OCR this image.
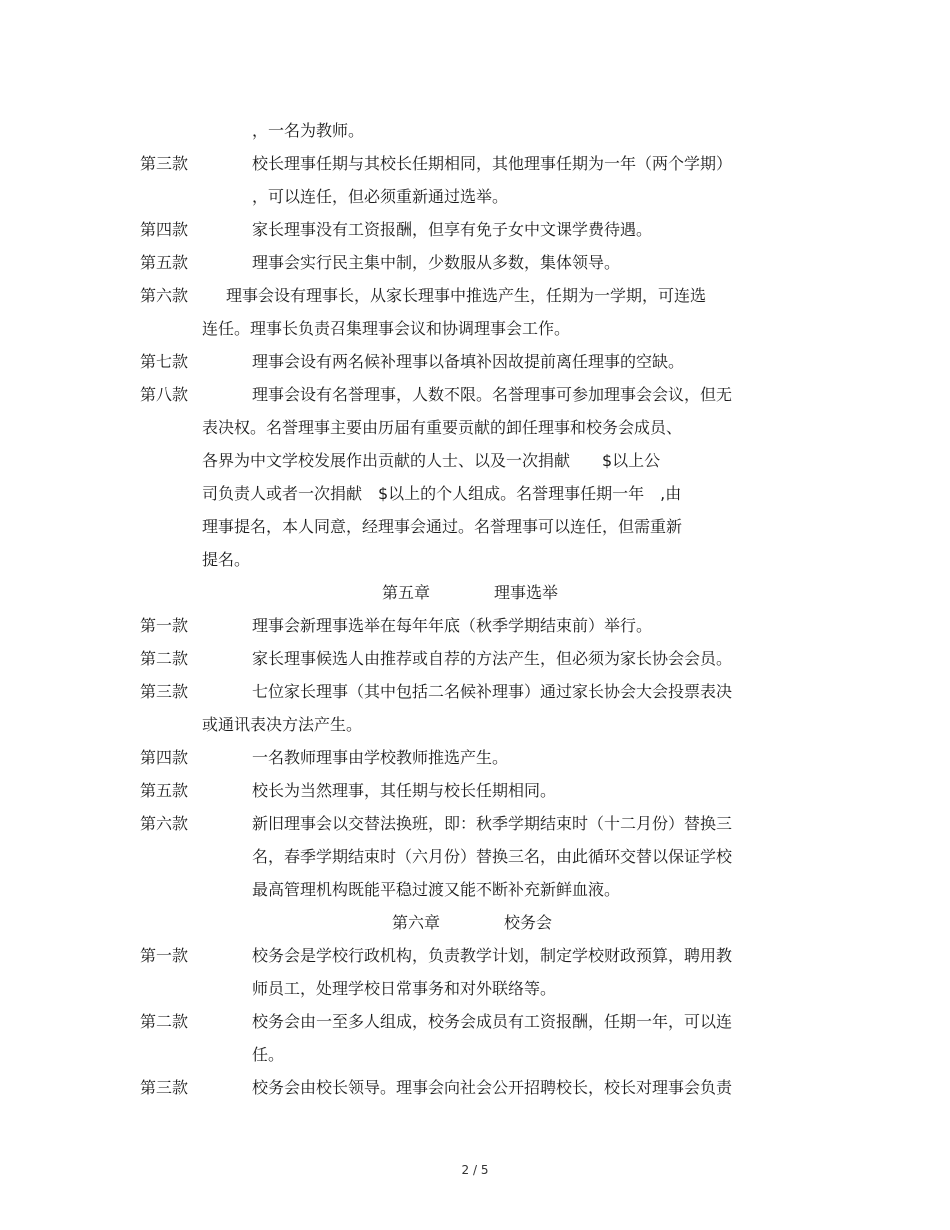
，一名为教师。
第三款	校长理事任期与其校长任期相同，其他理事任期为一年（两个学期）
，可以连任，但必须重新通过选举。
第四款	家长理事没有工资报酬，但享有免子女中文课学费待遇。
第五款	理事会实行民主集中制，少数服从多数，集体领导。
第六款 理事会设有理事长，从家长理事中推选产生，任期为一学期，可连选
连任。理事长负责召集理事会议和协调理事会工作。
第七款	理事会设有两名候补理事以备填补因故提前离任理事的空缺。
第八款	理事会设有名誉理事，人数不限。名誉理事可参加理事会会议，但无
表决权。名誉理事主要由历届有重要贡献的卸任理事和校务会成员、
各界为中文学校发展作出贡献的人士、以及一次捐献　　$以上公
司负责人或者一次捐献　$以上的个人组成。名誉理事任期一年　,由
理事提名，本人同意，经理事会通过。名誉理事可以连任，但需重新
提名。
第五章	理事选举
第一款	理事会新理事选举在每年年底（秋季学期结束前）举行。
第二款	家长理事候选人由推荐或自荐的方法产生，但必须为家长协会会员。
第三款	七位家长理事（其中包括二名候补理事）通过家长协会大会投票表决
或通讯表决方法产生。
第四款	一名教师理事由学校教师推选产生。
第五款	校长为当然理事，其任期与校长任期相同。
第六款	新旧理事会以交替法换班，即：秋季学期结束时（十二月份）替换三
名，春季学期结束时（六月份）替换三名，由此循环交替以保证学校
最高管理机构既能平稳过渡又能不断补充新鲜血液。
第六章	校务会
第一款	校务会是学校行政机构，负责教学计划，制定学校财政预算，聘用教
师员工，处理学校日常事务和对外联络等。
第二款	校务会由一至多人组成，校务会成员有工资报酬，任期一年，可以连
任。
第三款	校务会由校长领导。理事会向社会公开招聘校长，校长对理事会负责
2 / 5
